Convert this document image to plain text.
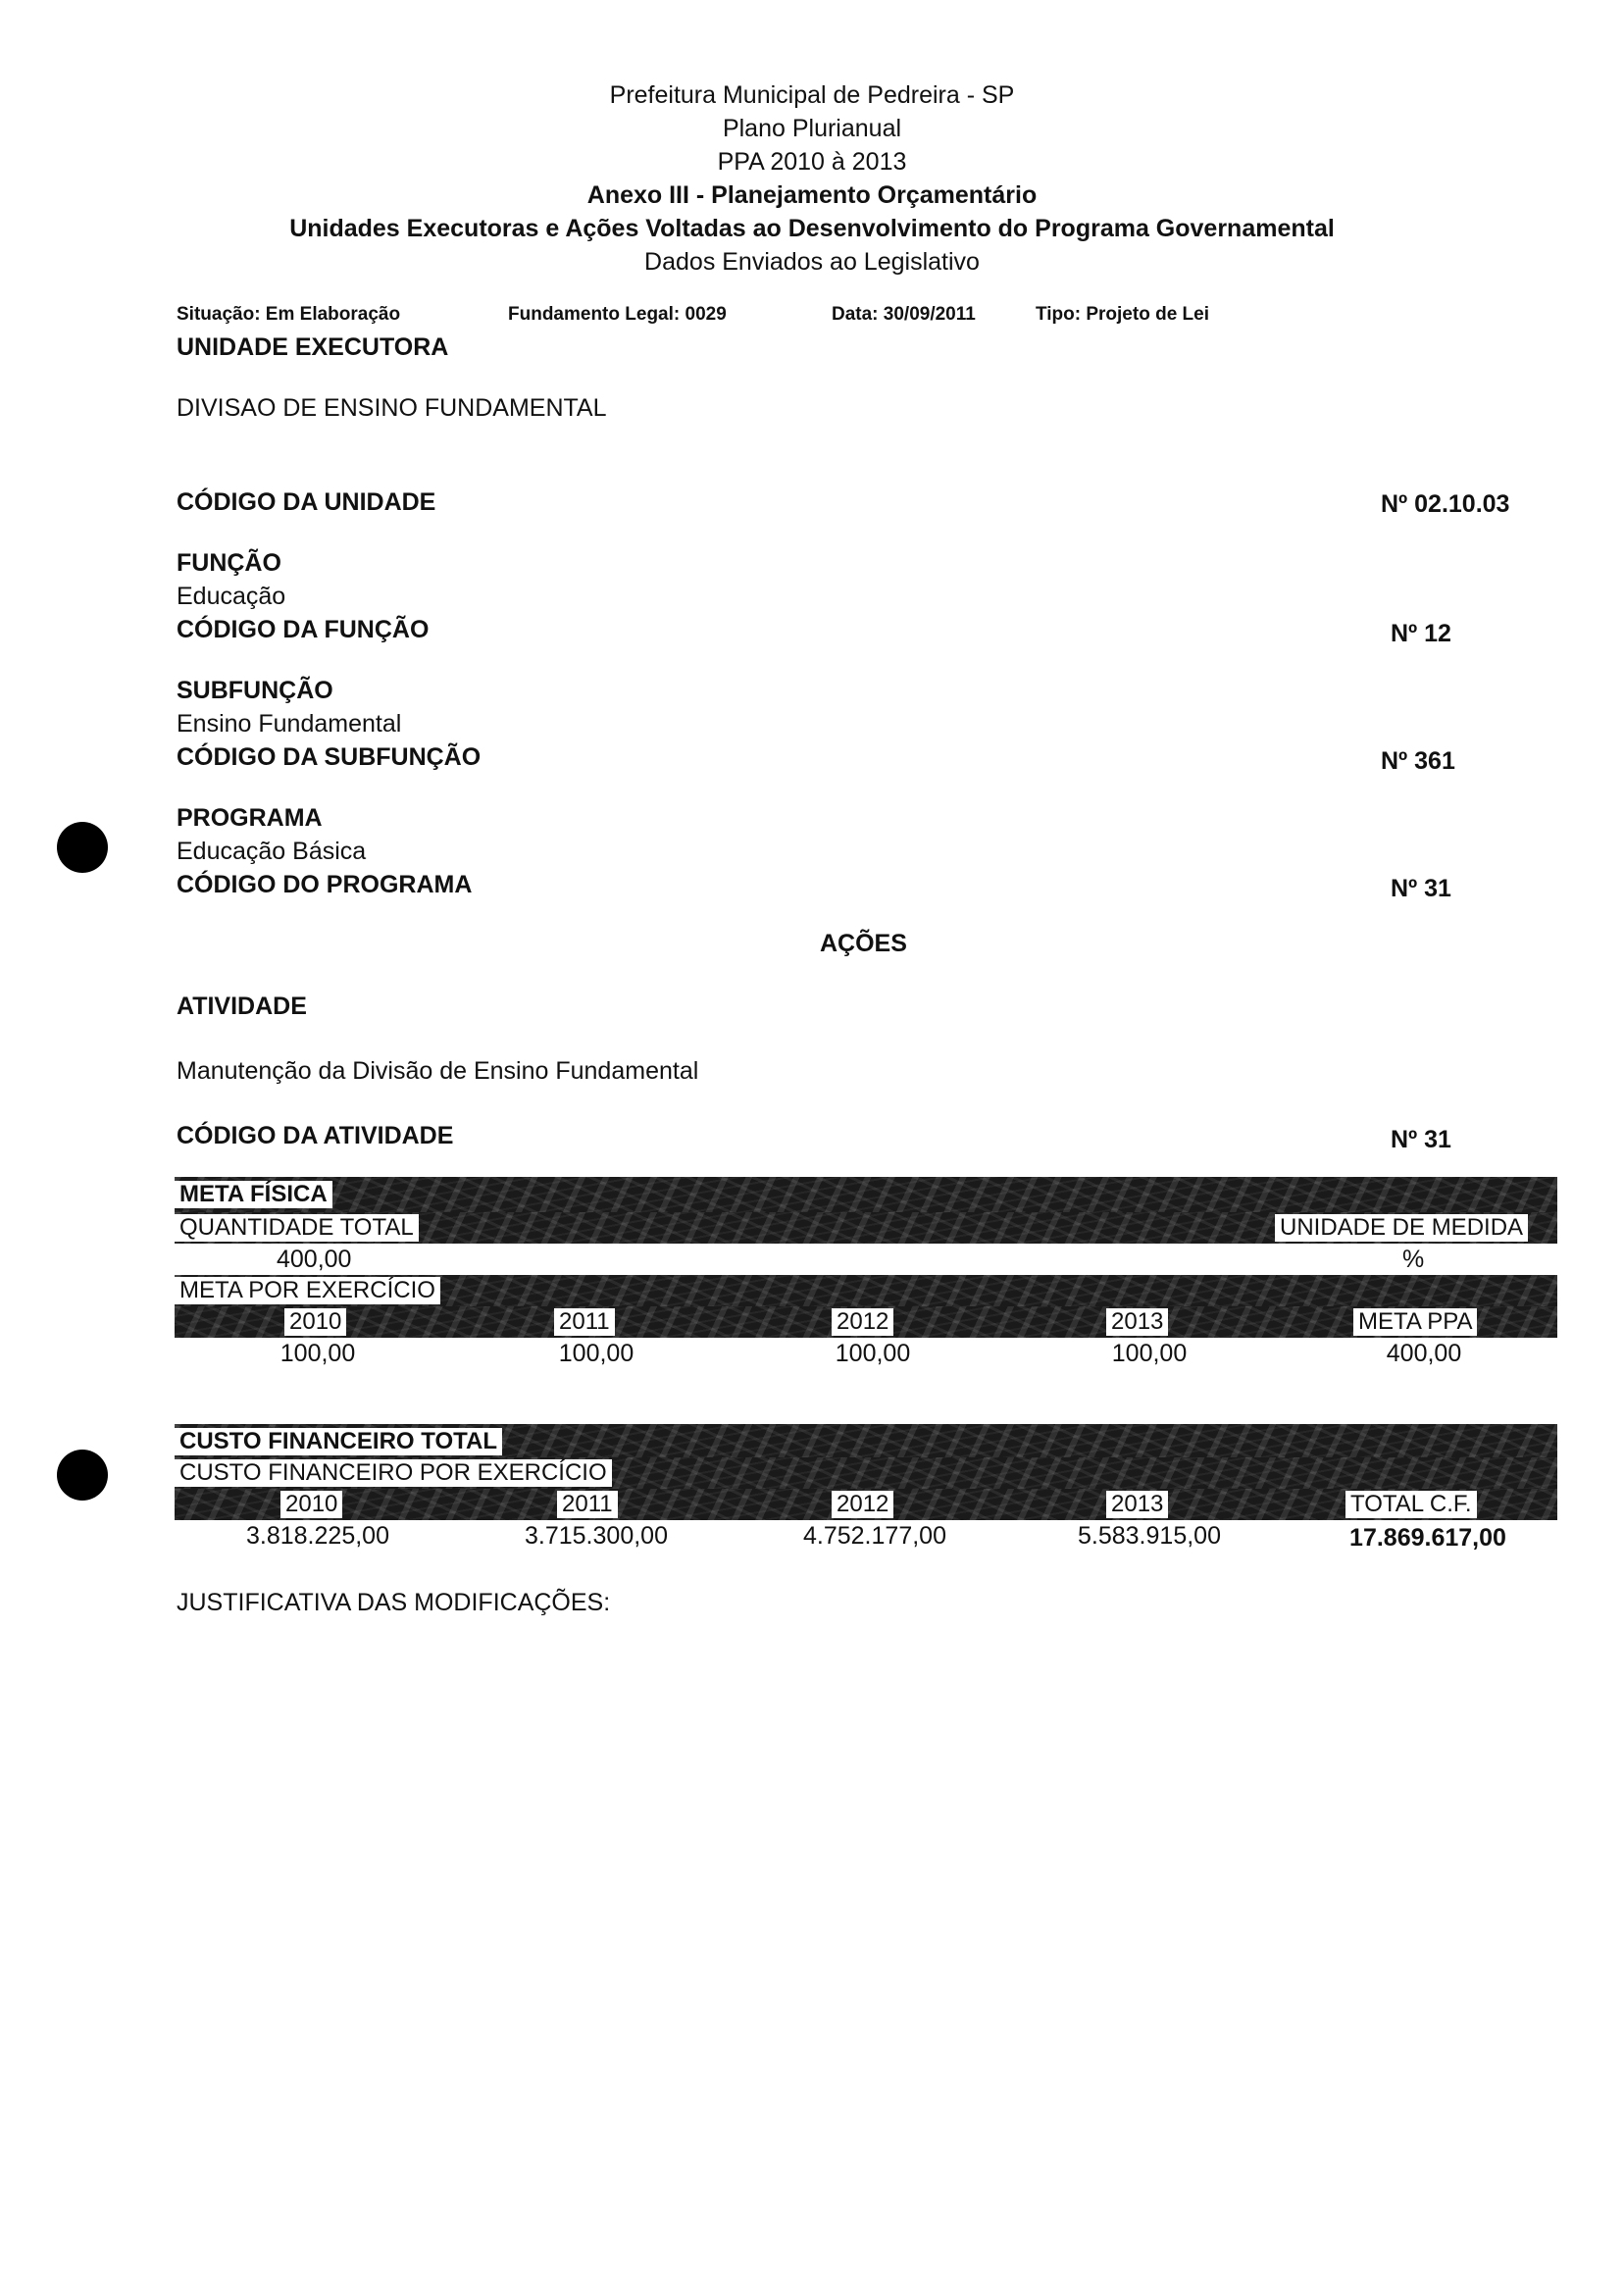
Prefeitura Municipal de Pedreira - SP
Plano Plurianual
PPA 2010 à 2013
Anexo III - Planejamento Orçamentário
Unidades Executoras e Ações Voltadas ao Desenvolvimento do Programa Governamental
Dados Enviados ao Legislativo
Situação: Em Elaboração	Fundamento Legal: 0029	Data: 30/09/2011	Tipo: Projeto de Lei
UNIDADE EXECUTORA
DIVISAO DE ENSINO FUNDAMENTAL
CÓDIGO DA UNIDADE	Nº 02.10.03
FUNÇÃO
Educação
CÓDIGO DA FUNÇÃO	Nº 12
SUBFUNÇÃO
Ensino Fundamental
CÓDIGO DA SUBFUNÇÃO	Nº 361
PROGRAMA
Educação Básica
CÓDIGO DO PROGRAMA	Nº 31
AÇÕES
ATIVIDADE
Manutenção da Divisão de Ensino Fundamental
CÓDIGO DA ATIVIDADE	Nº 31
META FÍSICA
QUANTIDADE TOTAL	UNIDADE DE MEDIDA
400,00	%
META POR EXERCÍCIO
2010	2011	2012	2013	META PPA
100,00	100,00	100,00	100,00	400,00
CUSTO FINANCEIRO TOTAL
CUSTO FINANCEIRO POR EXERCÍCIO
2010	2011	2012	2013	TOTAL C.F.
3.818.225,00	3.715.300,00	4.752.177,00	5.583.915,00	17.869.617,00
JUSTIFICATIVA DAS MODIFICAÇÕES:
